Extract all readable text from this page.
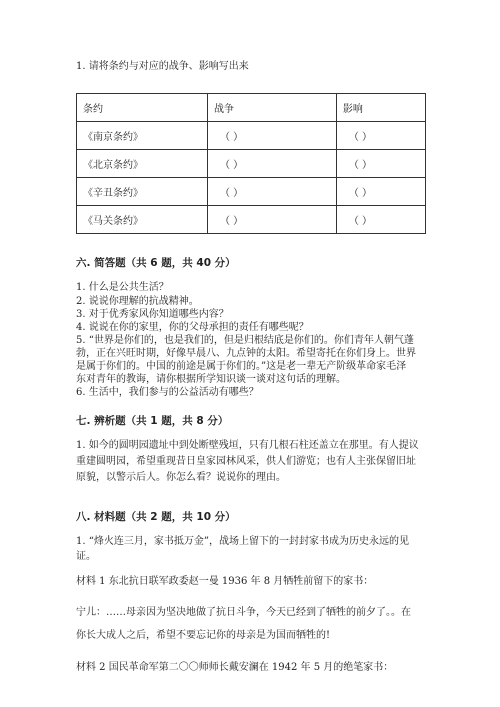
1. 请将条约与对应的战争、影响写出来
条约	战争	影响
《南京条约》	（ ）	（ ）
《北京条约》	（ ）	（ ）
《辛丑条约》	（ ）	（ ）
《马关条约》	（ ）	（ ）
六. 简答题（共 6 题，共 40 分）
1. 什么是公共生活？
2. 说说你理解的抗战精神。
3. 对于优秀家风你知道哪些内容？
4. 说说在你的家里，你的父母承担的责任有哪些呢？
5. “世界是你们的，也是我们的，但是归根结底是你们的。你们青年人朝气蓬
勃，正在兴旺时期，好像早晨八、九点钟的太阳。希望寄托在你们身上。世界
是属于你们的。中国的前途是属于你们的。”这是老一辈无产阶级革命家毛泽
东对青年的教诲，请你根据所学知识谈一谈对这句话的理解。
6. 生活中，我们参与的公益活动有哪些？
七. 辨析题（共 1 题，共 8 分）
1. 如今的圆明园遗址中到处断壁残垣，只有几根石柱还盖立在那里。有人提议
重建圆明园，希望重现昔日皇家园林风采，供人们游览；也有人主张保留旧址
原貌，以警示后人。你怎么看？说说你的理由。
八. 材料题（共 2 题，共 10 分）
1. “烽火连三月，家书抵万金”，战场上留下的一封封家书成为历史永远的见
证。
材料 1 东北抗日联军政委赵一曼 1936 年 8 月牺牲前留下的家书：
宁儿：……母亲因为坚决地做了抗日斗争，今天已经到了牺牲的前夕了。。在
你长大成人之后，希望不要忘记你的母亲是为国而牺牲的!
材料 2 国民革命军第二〇〇师师长戴安澜在 1942 年 5 月的绝笔家书：
